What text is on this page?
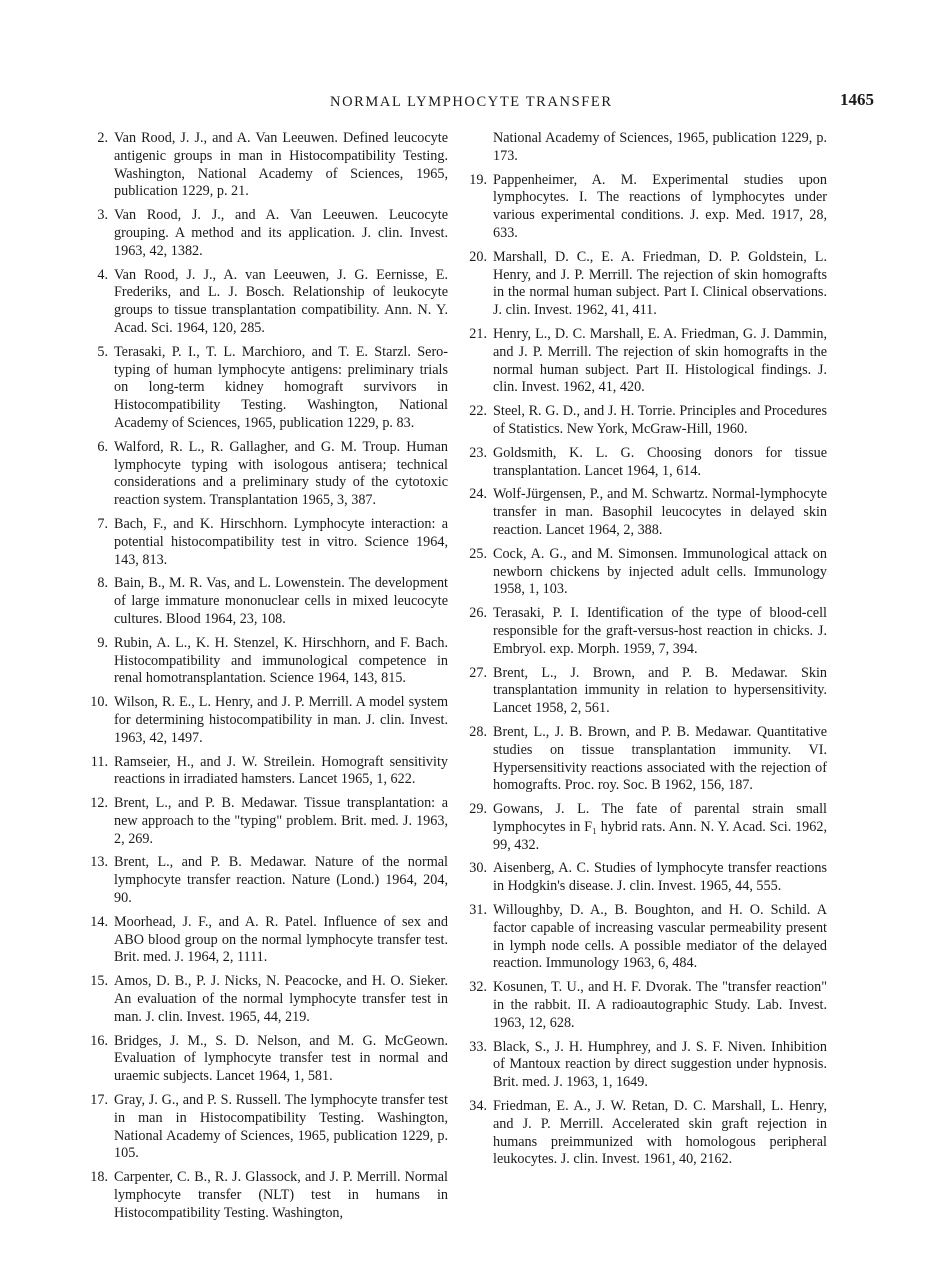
NORMAL LYMPHOCYTE TRANSFER	1465
2. Van Rood, J. J., and A. Van Leeuwen. Defined leucocyte antigenic groups in man in Histocompatibility Testing. Washington, National Academy of Sciences, 1965, publication 1229, p. 21.
3. Van Rood, J. J., and A. Van Leeuwen. Leucocyte grouping. A method and its application. J. clin. Invest. 1963, 42, 1382.
4. Van Rood, J. J., A. van Leeuwen, J. G. Eernisse, E. Frederiks, and L. J. Bosch. Relationship of leukocyte groups to tissue transplantation compatibility. Ann. N. Y. Acad. Sci. 1964, 120, 285.
5. Terasaki, P. I., T. L. Marchioro, and T. E. Starzl. Sero-typing of human lymphocyte antigens: preliminary trials on long-term kidney homograft survivors in Histocompatibility Testing. Washington, National Academy of Sciences, 1965, publication 1229, p. 83.
6. Walford, R. L., R. Gallagher, and G. M. Troup. Human lymphocyte typing with isologous antisera; technical considerations and a preliminary study of the cytotoxic reaction system. Transplantation 1965, 3, 387.
7. Bach, F., and K. Hirschhorn. Lymphocyte interaction: a potential histocompatibility test in vitro. Science 1964, 143, 813.
8. Bain, B., M. R. Vas, and L. Lowenstein. The development of large immature mononuclear cells in mixed leucocyte cultures. Blood 1964, 23, 108.
9. Rubin, A. L., K. H. Stenzel, K. Hirschhorn, and F. Bach. Histocompatibility and immunological competence in renal homotransplantation. Science 1964, 143, 815.
10. Wilson, R. E., L. Henry, and J. P. Merrill. A model system for determining histocompatibility in man. J. clin. Invest. 1963, 42, 1497.
11. Ramseier, H., and J. W. Streilein. Homograft sensitivity reactions in irradiated hamsters. Lancet 1965, 1, 622.
12. Brent, L., and P. B. Medawar. Tissue transplantation: a new approach to the "typing" problem. Brit. med. J. 1963, 2, 269.
13. Brent, L., and P. B. Medawar. Nature of the normal lymphocyte transfer reaction. Nature (Lond.) 1964, 204, 90.
14. Moorhead, J. F., and A. R. Patel. Influence of sex and ABO blood group on the normal lymphocyte transfer test. Brit. med. J. 1964, 2, 1111.
15. Amos, D. B., P. J. Nicks, N. Peacocke, and H. O. Sieker. An evaluation of the normal lymphocyte transfer test in man. J. clin. Invest. 1965, 44, 219.
16. Bridges, J. M., S. D. Nelson, and M. G. McGeown. Evaluation of lymphocyte transfer test in normal and uraemic subjects. Lancet 1964, 1, 581.
17. Gray, J. G., and P. S. Russell. The lymphocyte transfer test in man in Histocompatibility Testing. Washington, National Academy of Sciences, 1965, publication 1229, p. 105.
18. Carpenter, C. B., R. J. Glassock, and J. P. Merrill. Normal lymphocyte transfer (NLT) test in humans in Histocompatibility Testing. Washington,
National Academy of Sciences, 1965, publication 1229, p. 173.
19. Pappenheimer, A. M. Experimental studies upon lymphocytes. I. The reactions of lymphocytes under various experimental conditions. J. exp. Med. 1917, 28, 633.
20. Marshall, D. C., E. A. Friedman, D. P. Goldstein, L. Henry, and J. P. Merrill. The rejection of skin homografts in the normal human subject. Part I. Clinical observations. J. clin. Invest. 1962, 41, 411.
21. Henry, L., D. C. Marshall, E. A. Friedman, G. J. Dammin, and J. P. Merrill. The rejection of skin homografts in the normal human subject. Part II. Histological findings. J. clin. Invest. 1962, 41, 420.
22. Steel, R. G. D., and J. H. Torrie. Principles and Procedures of Statistics. New York, McGraw-Hill, 1960.
23. Goldsmith, K. L. G. Choosing donors for tissue transplantation. Lancet 1964, 1, 614.
24. Wolf-Jürgensen, P., and M. Schwartz. Normal-lymphocyte transfer in man. Basophil leucocytes in delayed skin reaction. Lancet 1964, 2, 388.
25. Cock, A. G., and M. Simonsen. Immunological attack on newborn chickens by injected adult cells. Immunology 1958, 1, 103.
26. Terasaki, P. I. Identification of the type of blood-cell responsible for the graft-versus-host reaction in chicks. J. Embryol. exp. Morph. 1959, 7, 394.
27. Brent, L., J. Brown, and P. B. Medawar. Skin transplantation immunity in relation to hypersensitivity. Lancet 1958, 2, 561.
28. Brent, L., J. B. Brown, and P. B. Medawar. Quantitative studies on tissue transplantation immunity. VI. Hypersensitivity reactions associated with the rejection of homografts. Proc. roy. Soc. B 1962, 156, 187.
29. Gowans, J. L. The fate of parental strain small lymphocytes in F₁ hybrid rats. Ann. N. Y. Acad. Sci. 1962, 99, 432.
30. Aisenberg, A. C. Studies of lymphocyte transfer reactions in Hodgkin's disease. J. clin. Invest. 1965, 44, 555.
31. Willoughby, D. A., B. Boughton, and H. O. Schild. A factor capable of increasing vascular permeability present in lymph node cells. A possible mediator of the delayed reaction. Immunology 1963, 6, 484.
32. Kosunen, T. U., and H. F. Dvorak. The "transfer reaction" in the rabbit. II. A radioautographic Study. Lab. Invest. 1963, 12, 628.
33. Black, S., J. H. Humphrey, and J. S. F. Niven. Inhibition of Mantoux reaction by direct suggestion under hypnosis. Brit. med. J. 1963, 1, 1649.
34. Friedman, E. A., J. W. Retan, D. C. Marshall, L. Henry, and J. P. Merrill. Accelerated skin graft rejection in humans preimmunized with homologous peripheral leukocytes. J. clin. Invest. 1961, 40, 2162.
